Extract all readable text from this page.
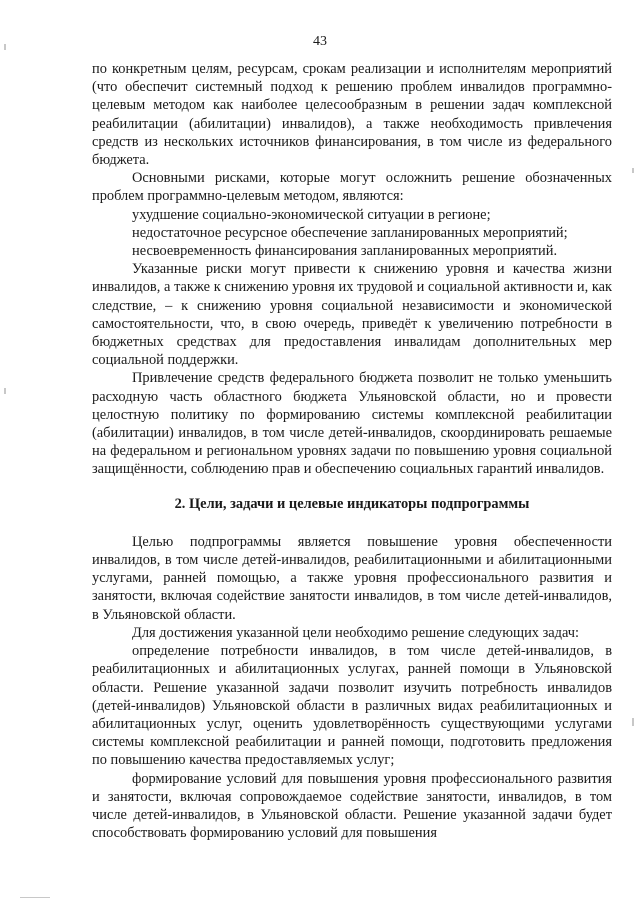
43

по конкретным целям, ресурсам, срокам реализации и исполнителям мероприятий (что обеспечит системный подход к решению проблем инвалидов программно-целевым методом как наиболее целесообразным в решении задач комплексной реабилитации (абилитации) инвалидов), а также необходимость привлечения средств из нескольких источников финансирования, в том числе из федерального бюджета.

Основными рисками, которые могут осложнить решение обозначенных проблем программно-целевым методом, являются:

ухудшение социально-экономической ситуации в регионе;

недостаточное ресурсное обеспечение запланированных мероприятий;

несвоевременность финансирования запланированных мероприятий.

Указанные риски могут привести к снижению уровня и качества жизни инвалидов, а также к снижению уровня их трудовой и социальной активности и, как следствие, – к снижению уровня социальной независимости и экономической самостоятельности, что, в свою очередь, приведёт к увеличению потребности в бюджетных средствах для предоставления инвалидам дополнительных мер социальной поддержки.

Привлечение средств федерального бюджета позволит не только уменьшить расходную часть областного бюджета Ульяновской области, но и провести целостную политику по формированию системы комплексной реабилитации (абилитации) инвалидов, в том числе детей-инвалидов, скоординировать решаемые на федеральном и региональном уровнях задачи по повышению уровня социальной защищённости, соблюдению прав и обеспечению социальных гарантий инвалидов.

2. Цели, задачи и целевые индикаторы подпрограммы

Целью подпрограммы является повышение уровня обеспеченности инвалидов, в том числе детей-инвалидов, реабилитационными и абилитационными услугами, ранней помощью, а также уровня профессионального развития и занятости, включая содействие занятости инвалидов, в том числе детей-инвалидов, в Ульяновской области.

Для достижения указанной цели необходимо решение следующих задач:

определение потребности инвалидов, в том числе детей-инвалидов, в реабилитационных и абилитационных услугах, ранней помощи в Ульяновской области. Решение указанной задачи позволит изучить потребность инвалидов (детей-инвалидов) Ульяновской области в различных видах реабилитационных и абилитационных услуг, оценить удовлетворённость существующими услугами системы комплексной реабилитации и ранней помощи, подготовить предложения по повышению качества предоставляемых услуг;

формирование условий для повышения уровня профессионального развития и занятости, включая сопровождаемое содействие занятости, инвалидов, в том числе детей-инвалидов, в Ульяновской области. Решение указанной задачи будет способствовать формированию условий для повышения
